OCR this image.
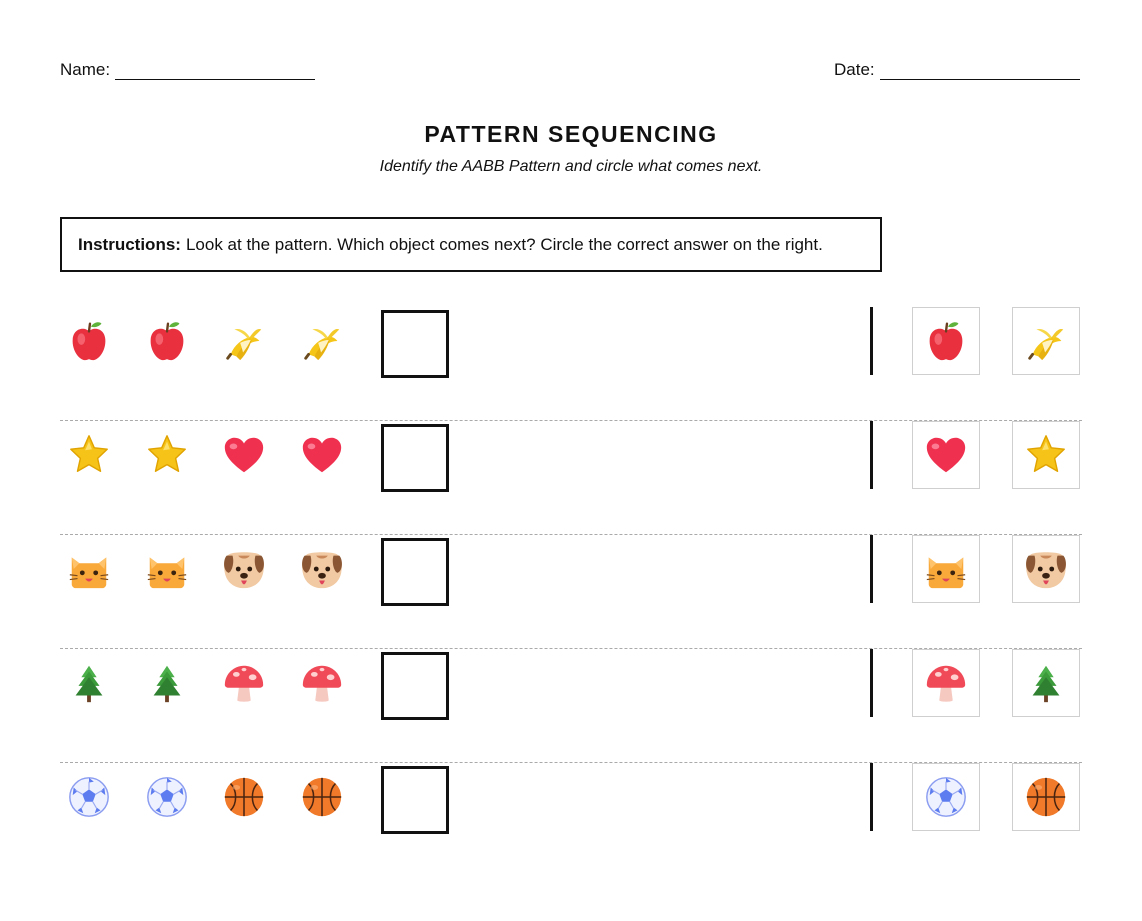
Name:	Date:
PATTERN SEQUENCING
Identify the AABB Pattern and circle what comes next.
Instructions: Look at the pattern. Which object comes next? Circle the correct answer on the right.
